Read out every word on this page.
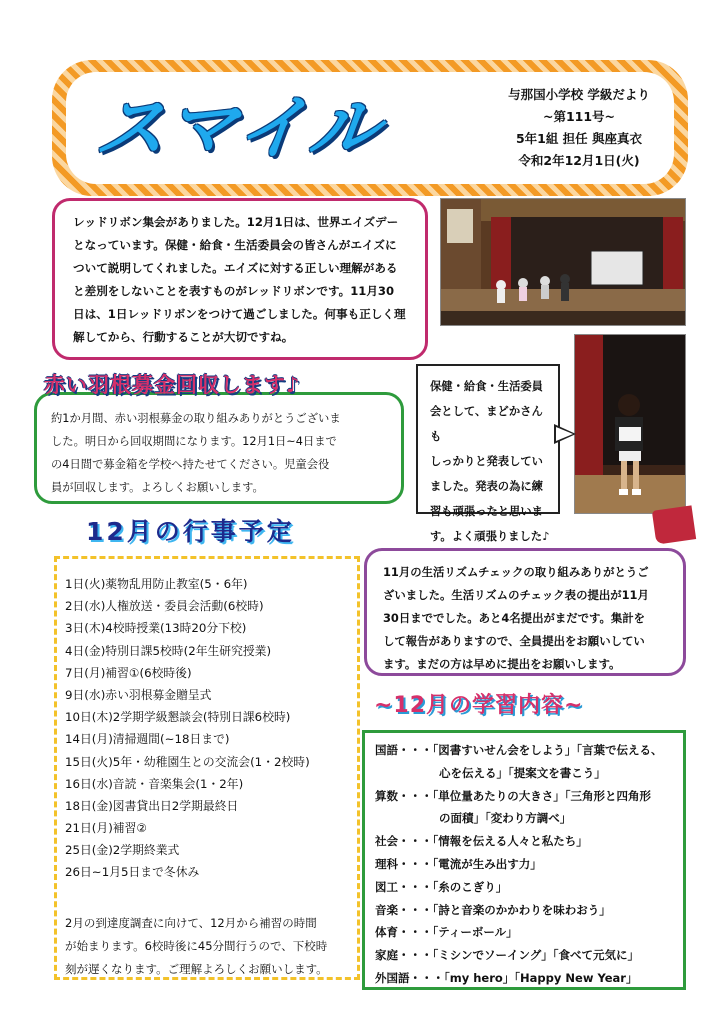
スマイル	与那国小学校 学級だより
~第111号~
5年1組 担任 與座真衣
令和2年12月1日(火)
レッドリボン集会がありました。12月1日は、世界エイズデー
となっています。保健・給食・生活委員会の皆さんがエイズに
ついて説明してくれました。エイズに対する正しい理解がある
と差別をしないことを表すものがレッドリボンです。11月30
日は、1日レッドリボンをつけて過ごしました。何事も正しく理
解してから、行動することが大切ですね。
保健・給食・生活委員
会として、まどかさんも
しっかりと発表してい
ました。発表の為に練
習も頑張ったと思いま
す。よく頑張りました♪
約1か月間、赤い羽根募金の取り組みありがとうございま
した。明日から回収期間になります。12月1日~4日まで
の4日間で募金箱を学校へ持たせてください。児童会役
員が回収します。よろしくお願いします。
赤い羽根募金回収します♪
12月の行事予定
11月の生活リズムチェックの取り組みありがとうご
ざいました。生活リズムのチェック表の提出が11月
30日まででした。あと4名提出がまだです。集計を
して報告がありますので、全員提出をお願いしてい
ます。まだの方は早めに提出をお願いします。
1日(火)薬物乱用防止教室(5・6年)
2日(水)人権放送・委員会活動(6校時)
3日(木)4校時授業(13時20分下校)
4日(金)特別日課5校時(2年生研究授業)
7日(月)補習①(6校時後)
9日(水)赤い羽根募金贈呈式
10日(木)2学期学級懇談会(特別日課6校時)
14日(月)清掃週間(~18日まで)
15日(火)5年・幼稚園生との交流会(1・2校時)
16日(水)音読・音楽集会(1・2年)
18日(金)図書貸出日2学期最終日
21日(月)補習②
25日(金)2学期終業式
26日~1月5日まで冬休み
2月の到達度調査に向けて、12月から補習の時間
が始まります。6校時後に45分間行うので、下校時
刻が遅くなります。ご理解よろしくお願いします。
~12月の学習内容~
国語・・・「図書すいせん会をしよう」「言葉で伝える、
心を伝える」「提案文を書こう」
算数・・・「単位量あたりの大きさ」「三角形と四角形
の面積」「変わり方調べ」
社会・・・「情報を伝える人々と私たち」
理科・・・「電流が生み出す力」
図工・・・「糸のこぎり」
音楽・・・「詩と音楽のかかわりを味わおう」
体育・・・「ティーボール」
家庭・・・「ミシンでソーイング」「食べて元気に」
外国語・・・「my hero」「Happy New Year」
